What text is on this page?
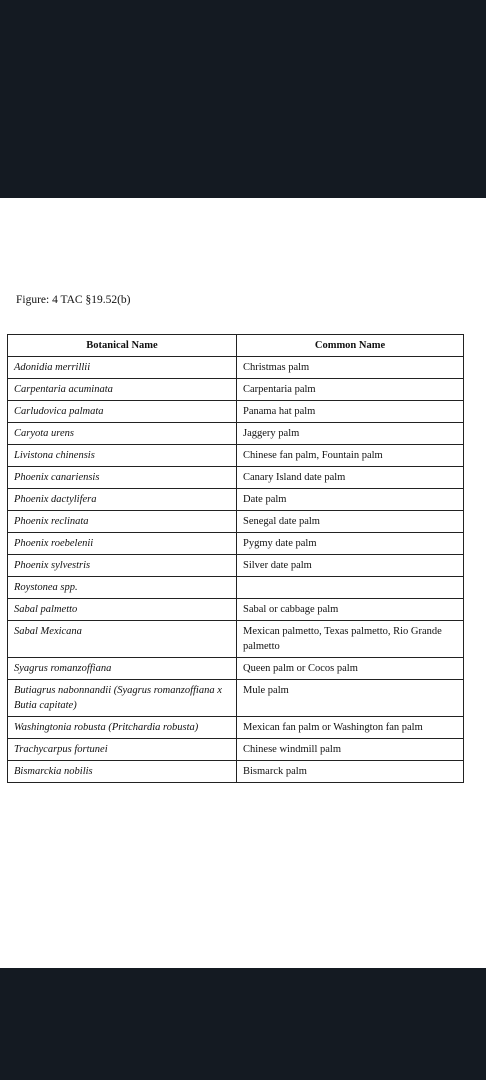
Figure: 4 TAC §19.52(b)
Botanical Name	Common Name
Adonidia merrillii	Christmas palm
Carpentaria acuminata	Carpentaria palm
Carludovica palmata	Panama hat palm
Caryota urens	Jaggery palm
Livistona chinensis	Chinese fan palm, Fountain palm
Phoenix canariensis	Canary Island date palm
Phoenix dactylifera	Date palm
Phoenix reclinata	Senegal date palm
Phoenix roebelenii	Pygmy date palm
Phoenix sylvestris	Silver date palm
Roystonea spp.	
Sabal palmetto	Sabal or cabbage palm
Sabal Mexicana	Mexican palmetto, Texas palmetto, Rio Grande palmetto
Syagrus romanzoffiana	Queen palm or Cocos palm
Butiagrus nabonnandii (Syagrus romanzoffiana x Butia capitate)	Mule palm
Washingtonia robusta (Pritchardia robusta)	Mexican fan palm or Washington fan palm
Trachycarpus fortunei	Chinese windmill palm
Bismarckia nobilis	Bismarck palm
